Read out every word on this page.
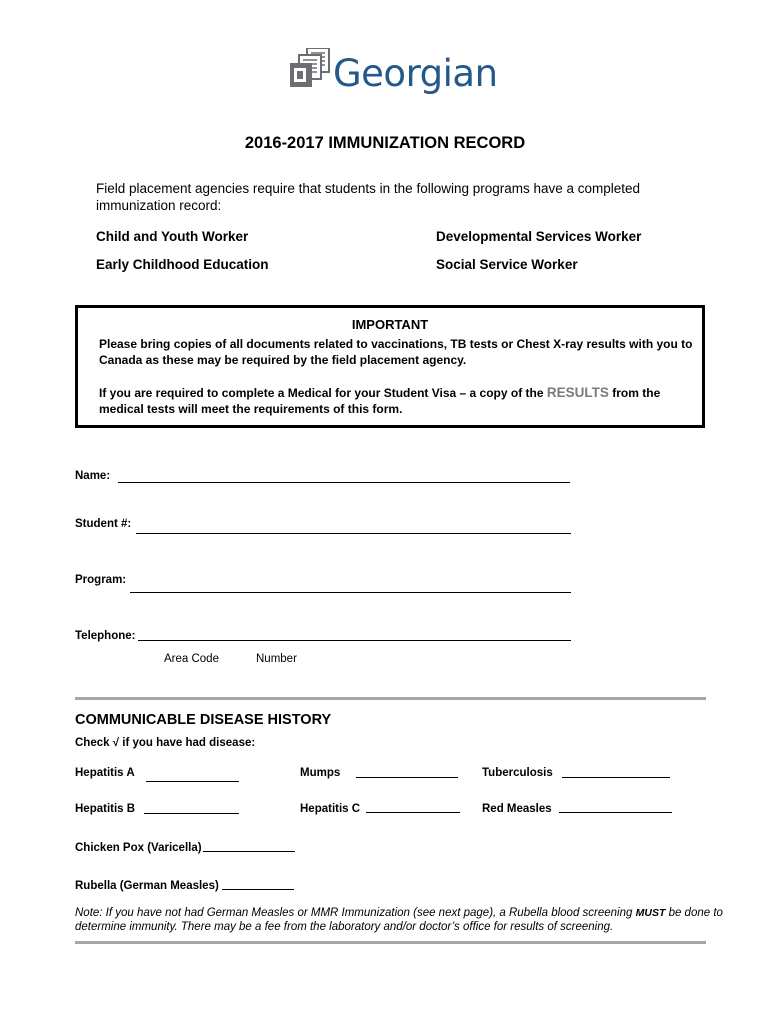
Georgian
2016-2017 IMMUNIZATION RECORD
Field placement agencies require that students in the following programs have a completed immunization record:
Child and Youth Worker	Developmental Services Worker
Early Childhood Education	Social Service Worker
IMPORTANT
Please bring copies of all documents related to vaccinations, TB tests or Chest X-ray results with you to Canada as these may be required by the field placement agency.
If you are required to complete a Medical for your Student Visa – a copy of the RESULTS from the medical tests will meet the requirements of this form.
Name:
Student #:
Program:
Telephone:
Area Code	Number
COMMUNICABLE DISEASE HISTORY
Check √ if you have had disease:
Hepatitis A	Mumps	Tuberculosis
Hepatitis B	Hepatitis C	Red Measles
Chicken Pox (Varicella)
Rubella (German Measles)
Note: If you have not had German Measles or MMR Immunization (see next page), a Rubella blood screening MUST be done to determine immunity. There may be a fee from the laboratory and/or doctor’s office for results of screening.
